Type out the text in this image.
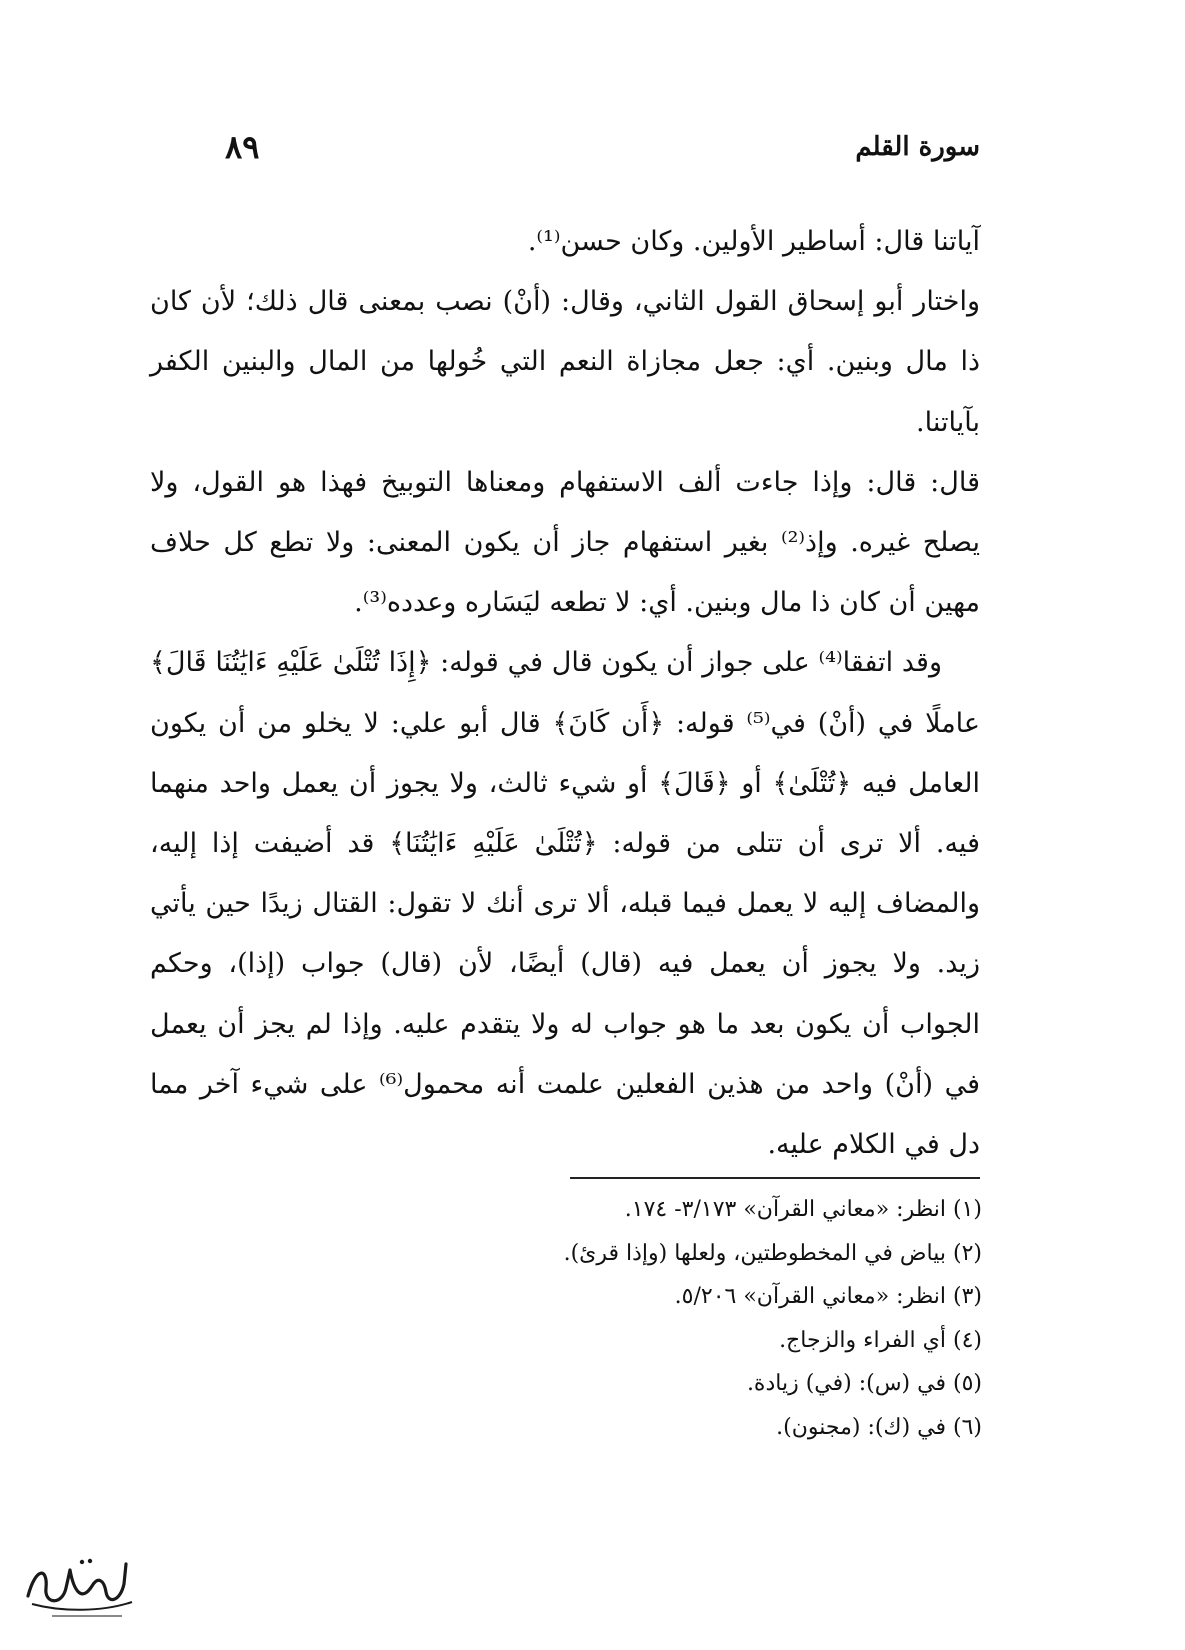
سورة القلم
٨٩

آياتنا قال: أساطير الأولين. وكان حسن⁽¹⁾.

واختار أبو إسحاق القول الثاني، وقال: (أنْ) نصب بمعنى قال ذلك؛ لأن كان ذا مال وبنين. أي: جعل مجازاة النعم التي خُولها من المال والبنين الكفر بآياتنا.

قال: قال: وإذا جاءت ألف الاستفهام ومعناها التوبيخ فهذا هو القول، ولا يصلح غيره. وإذ⁽²⁾ بغير استفهام جاز أن يكون المعنى: ولا تطع كل حلاف مهين أن كان ذا مال وبنين. أي: لا تطعه ليَسَاره وعدده⁽³⁾.

وقد اتفقا⁽⁴⁾ على جواز أن يكون قال في قوله: ﴿إِذَا تُتْلَىٰ عَلَيْهِ ءَايَٰتُنَا قَالَ﴾ عاملًا في (أنْ) في⁽⁵⁾ قوله: ﴿أَن كَانَ﴾ قال أبو علي: لا يخلو من أن يكون العامل فيه ﴿تُتْلَىٰ﴾ أو ﴿قَالَ﴾ أو شيء ثالث، ولا يجوز أن يعمل واحد منهما فيه. ألا ترى أن تتلى من قوله: ﴿تُتْلَىٰ عَلَيْهِ ءَايَٰتُنَا﴾ قد أضيفت إذا إليه، والمضاف إليه لا يعمل فيما قبله، ألا ترى أنك لا تقول: القتال زيدًا حين يأتي زيد. ولا يجوز أن يعمل فيه (قال) أيضًا، لأن (قال) جواب (إذا)، وحكم الجواب أن يكون بعد ما هو جواب له ولا يتقدم عليه. وإذا لم يجز أن يعمل في (أنْ) واحد من هذين الفعلين علمت أنه محمول⁽⁶⁾ على شيء آخر مما دل في الكلام عليه.

(١) انظر: «معاني القرآن» ٣/١٧٣- ١٧٤.

(٢) بياض في المخطوطتين، ولعلها (وإذا قرئ).

(٣) انظر: «معاني القرآن» ٥/٢٠٦.

(٤) أي الفراء والزجاج.

(٥) في (س): (في) زيادة.

(٦) في (ك): (مجنون).
